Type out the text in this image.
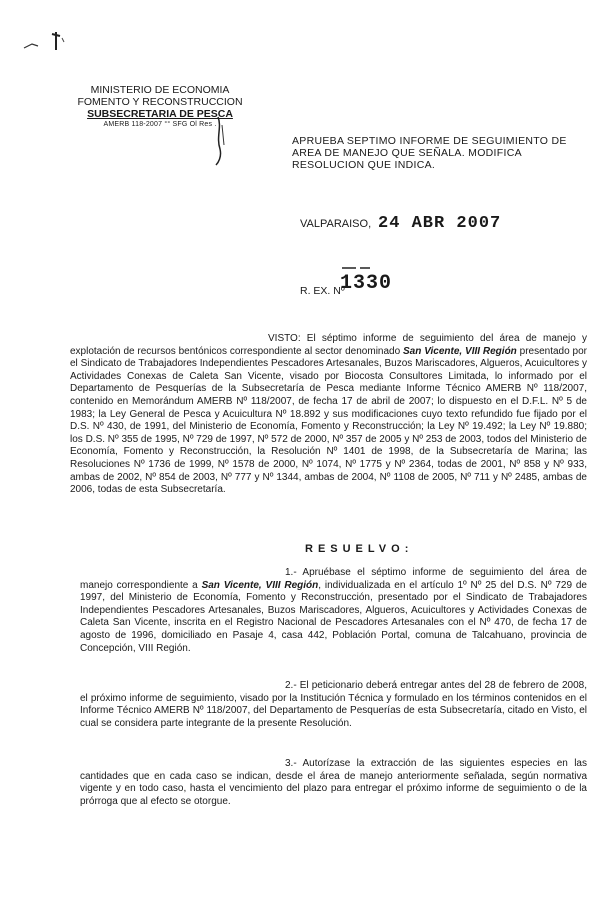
MINISTERIO DE ECONOMIA
FOMENTO Y RECONSTRUCCION
SUBSECRETARIA DE PESCA
AMERB 118-2007 °° SFG Ol Res .
APRUEBA SEPTIMO INFORME DE SEGUIMIENTO DE AREA DE MANEJO QUE SEÑALA. MODIFICA RESOLUCION QUE INDICA.
VALPARAISO, 24 ABR 2007
R. EX. Nº
1330
VISTO: El séptimo informe de seguimiento del área de manejo y explotación de recursos bentónicos correspondiente al sector denominado San Vicente, VIII Región presentado por el Sindicato de Trabajadores Independientes Pescadores Artesanales, Buzos Mariscadores, Algueros, Acuicultores y Actividades Conexas de Caleta San Vicente, visado por Biocosta Consultores Limitada, lo informado por el Departamento de Pesquerías de la Subsecretaría de Pesca mediante Informe Técnico AMERB Nº 118/2007, contenido en Memorándum AMERB Nº 118/2007, de fecha 17 de abril de 2007; lo dispuesto en el D.F.L. Nº 5 de 1983; la Ley General de Pesca y Acuicultura Nº 18.892 y sus modificaciones cuyo texto refundido fue fijado por el D.S. Nº 430, de 1991, del Ministerio de Economía, Fomento y Reconstrucción; la Ley Nº 19.492; la Ley Nº 19.880; los D.S. Nº 355 de 1995, Nº 729 de 1997, Nº 572 de 2000, Nº 357 de 2005 y Nº 253 de 2003, todos del Ministerio de Economía, Fomento y Reconstrucción, la Resolución Nº 1401 de 1998, de la Subsecretaría de Marina; las Resoluciones Nº 1736 de 1999, Nº 1578 de 2000, Nº 1074, Nº 1775 y Nº 2364, todas de 2001, Nº 858 y Nº 933, ambas de 2002, Nº 854 de 2003, Nº 777 y Nº 1344, ambas de 2004, Nº 1108 de 2005, Nº 711 y Nº 2485, ambas de 2006, todas de esta Subsecretaría.
RESUELVO:
1.- Apruébase el séptimo informe de seguimiento del área de manejo correspondiente a San Vicente, VIII Región, individualizada en el artículo 1º Nº 25 del D.S. Nº 729 de 1997, del Ministerio de Economía, Fomento y Reconstrucción, presentado por el Sindicato de Trabajadores Independientes Pescadores Artesanales, Buzos Mariscadores, Algueros, Acuicultores y Actividades Conexas de Caleta San Vicente, inscrita en el Registro Nacional de Pescadores Artesanales con el Nº 470, de fecha 17 de agosto de 1996, domiciliado en Pasaje 4, casa 442, Población Portal, comuna de Talcahuano, provincia de Concepción, VIII Región.
2.- El peticionario deberá entregar antes del 28 de febrero de 2008, el próximo informe de seguimiento, visado por la Institución Técnica y formulado en los términos contenidos en el Informe Técnico AMERB Nº 118/2007, del Departamento de Pesquerías de esta Subsecretaría, citado en Visto, el cual se considera parte integrante de la presente Resolución.
3.- Autorízase la extracción de las siguientes especies en las cantidades que en cada caso se indican, desde el área de manejo anteriormente señalada, según normativa vigente y en todo caso, hasta el vencimiento del plazo para entregar el próximo informe de seguimiento o de la prórroga que al efecto se otorgue.
